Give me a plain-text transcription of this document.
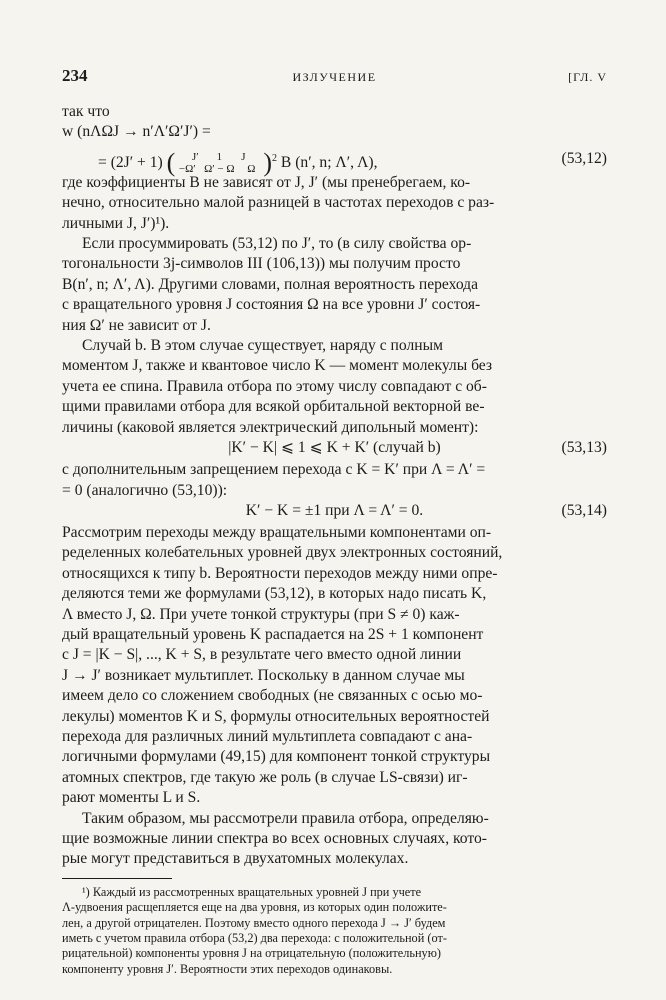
234	ИЗЛУЧЕНИЕ	[ГЛ. V
так что
w (nΛΩJ → n′Λ′Ω′J′) =
= (2J′ + 1) (	J′ 1 J
−Ω′ Ω′ − Ω Ω )$^2$ B (n′, n; Λ′, Λ),	(53,12)
где коэффициенты B не зависят от J, J′ (мы пренебрегаем, ко-
нечно, относительно малой разницей в частотах переходов с раз-
личными J, J′)¹).
Если просуммировать (53,12) по J′, то (в силу свойства ор-
тогональности 3j-символов III (106,13)) мы получим просто
B(n′, n; Λ′, Λ). Другими словами, полная вероятность перехода
с вращательного уровня J состояния Ω на все уровни J′ состоя-
ния Ω′ не зависит от J.
Случай b. В этом случае существует, наряду с полным
моментом J, также и квантовое число K — момент молекулы без
учета ее спина. Правила отбора по этому числу совпадают с об-
щими правилами отбора для всякой орбитальной векторной ве-
личины (каковой является электрический дипольный момент):
|K′ − K| ⩽ 1 ⩽ K + K′ (случай b)	(53,13)
с дополнительным запрещением перехода с K = K′ при Λ = Λ′ =
= 0 (аналогично (53,10)):
K′ − K = ±1 при Λ = Λ′ = 0.	(53,14)
Рассмотрим переходы между вращательными компонентами оп-
ределенных колебательных уровней двух электронных состояний,
относящихся к типу b. Вероятности переходов между ними опре-
деляются теми же формулами (53,12), в которых надо писать K,
Λ вместо J, Ω. При учете тонкой структуры (при S ≠ 0) каж-
дый вращательный уровень K распадается на 2S + 1 компонент
с J = |K − S|, ..., K + S, в результате чего вместо одной линии
J → J′ возникает мультиплет. Поскольку в данном случае мы
имеем дело со сложением свободных (не связанных с осью мо-
лекулы) моментов K и S, формулы относительных вероятностей
перехода для различных линий мультиплета совпадают с ана-
логичными формулами (49,15) для компонент тонкой структуры
атомных спектров, где такую же роль (в случае LS-связи) иг-
рают моменты L и S.
Таким образом, мы рассмотрели правила отбора, определяю-
щие возможные линии спектра во всех основных случаях, кото-
рые могут представиться в двухатомных молекулах.
¹) Каждый из рассмотренных вращательных уровней J при учете
Λ-удвоения расщепляется еще на два уровня, из которых один положите-
лен, а другой отрицателен. Поэтому вместо одного перехода J → J′ будем
иметь с учетом правила отбора (53,2) два перехода: с положительной (от-
рицательной) компоненты уровня J на отрицательную (положительную)
компоненту уровня J′. Вероятности этих переходов одинаковы.
